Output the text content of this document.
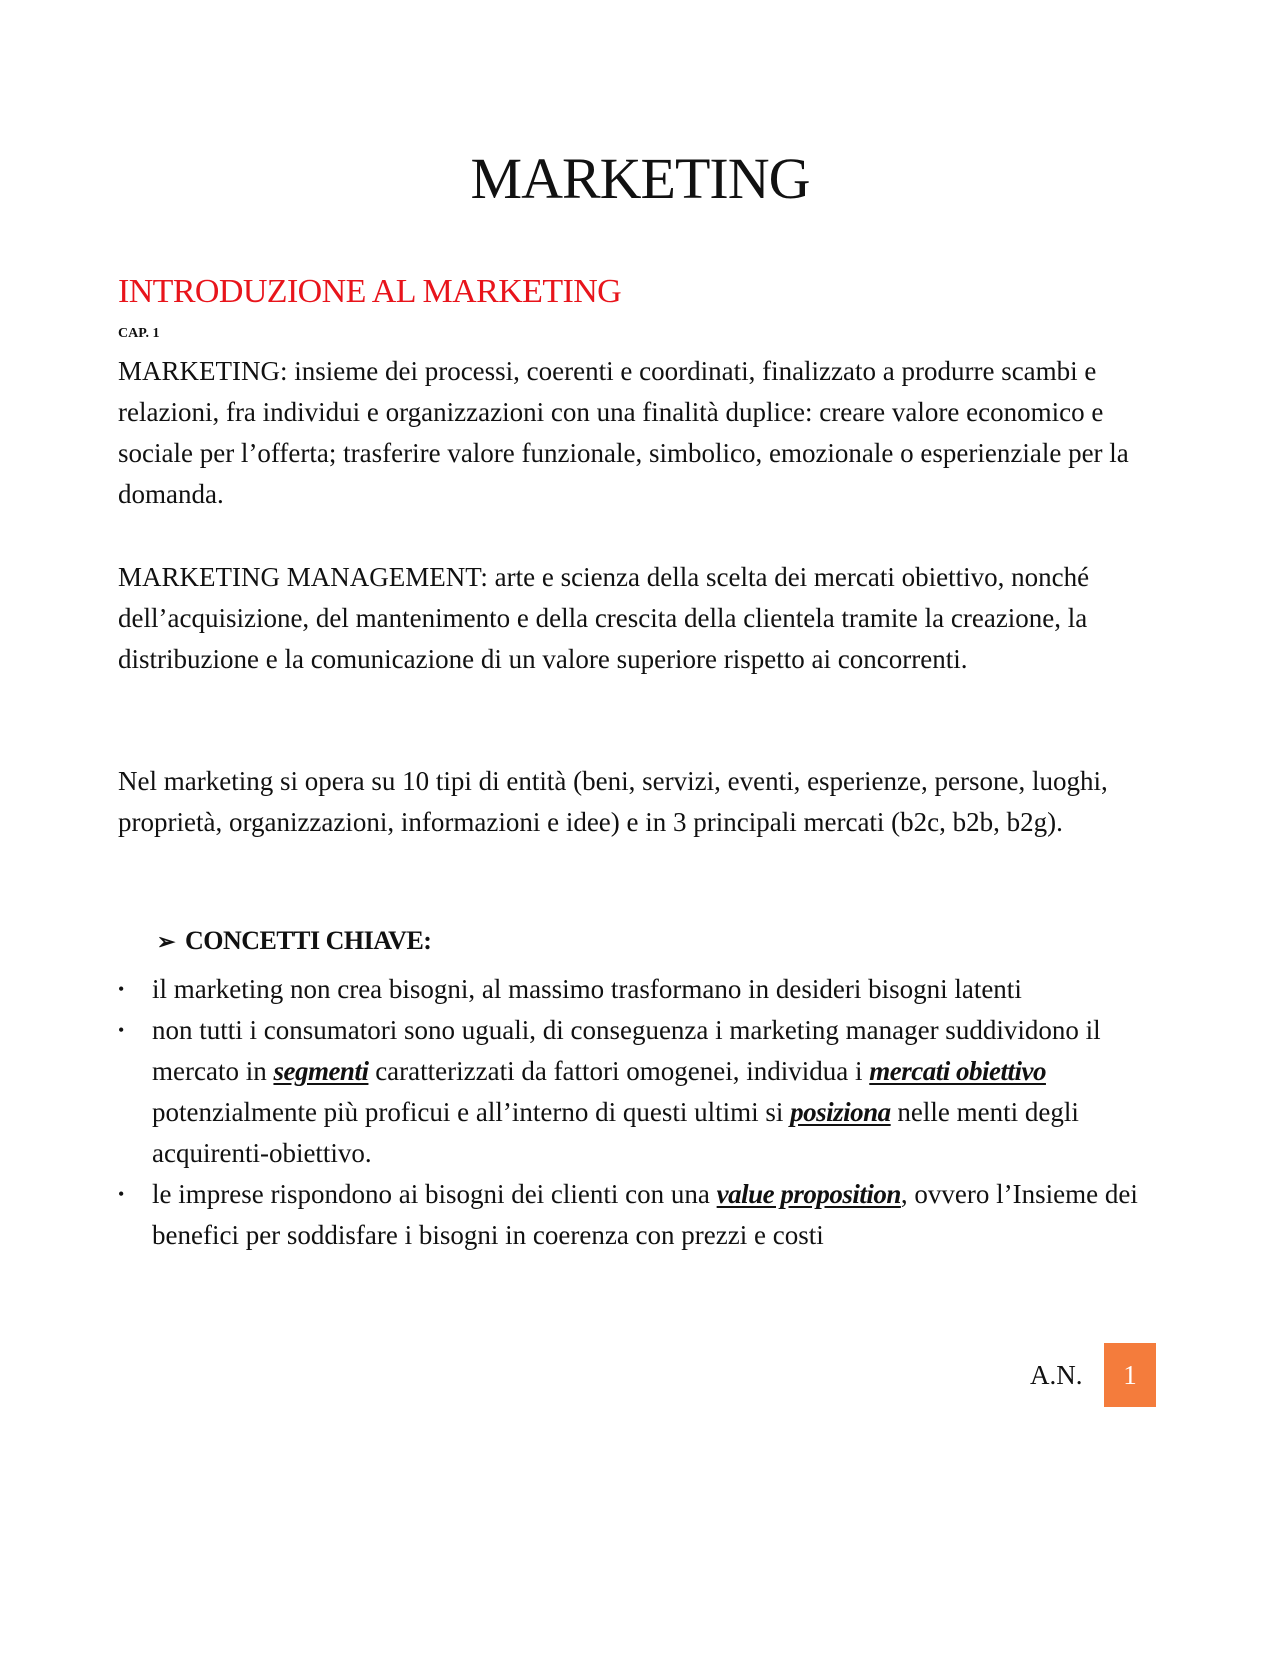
MARKETING
INTRODUZIONE AL MARKETING
CAP. 1

MARKETING: insieme dei processi, coerenti e coordinati, finalizzato a produrre scambi e relazioni, fra individui e organizzazioni con una finalità duplice: creare valore economico e sociale per l’offerta; trasferire valore funzionale, simbolico, emozionale o esperienziale per la domanda.

MARKETING MANAGEMENT: arte e scienza della scelta dei mercati obiettivo, nonché dell’acquisizione, del mantenimento e della crescita della clientela tramite la creazione, la distribuzione e la comunicazione di un valore superiore rispetto ai concorrenti.

Nel marketing si opera su 10 tipi di entità (beni, servizi, eventi, esperienze, persone, luoghi, proprietà, organizzazioni, informazioni e idee) e in 3 principali mercati (b2c, b2b, b2g).

➢ CONCETTI CHIAVE:
• il marketing non crea bisogni, al massimo trasformano in desideri bisogni latenti
• non tutti i consumatori sono uguali, di conseguenza i marketing manager suddividono il mercato in segmenti caratterizzati da fattori omogenei, individua i mercati obiettivo potenzialmente più proficui e all’interno di questi ultimi si posiziona nelle menti degli acquirenti-obiettivo.
• le imprese rispondono ai bisogni dei clienti con una value proposition, ovvero l’Insieme dei benefici per soddisfare i bisogni in coerenza con prezzi e costi
A.N.	1
